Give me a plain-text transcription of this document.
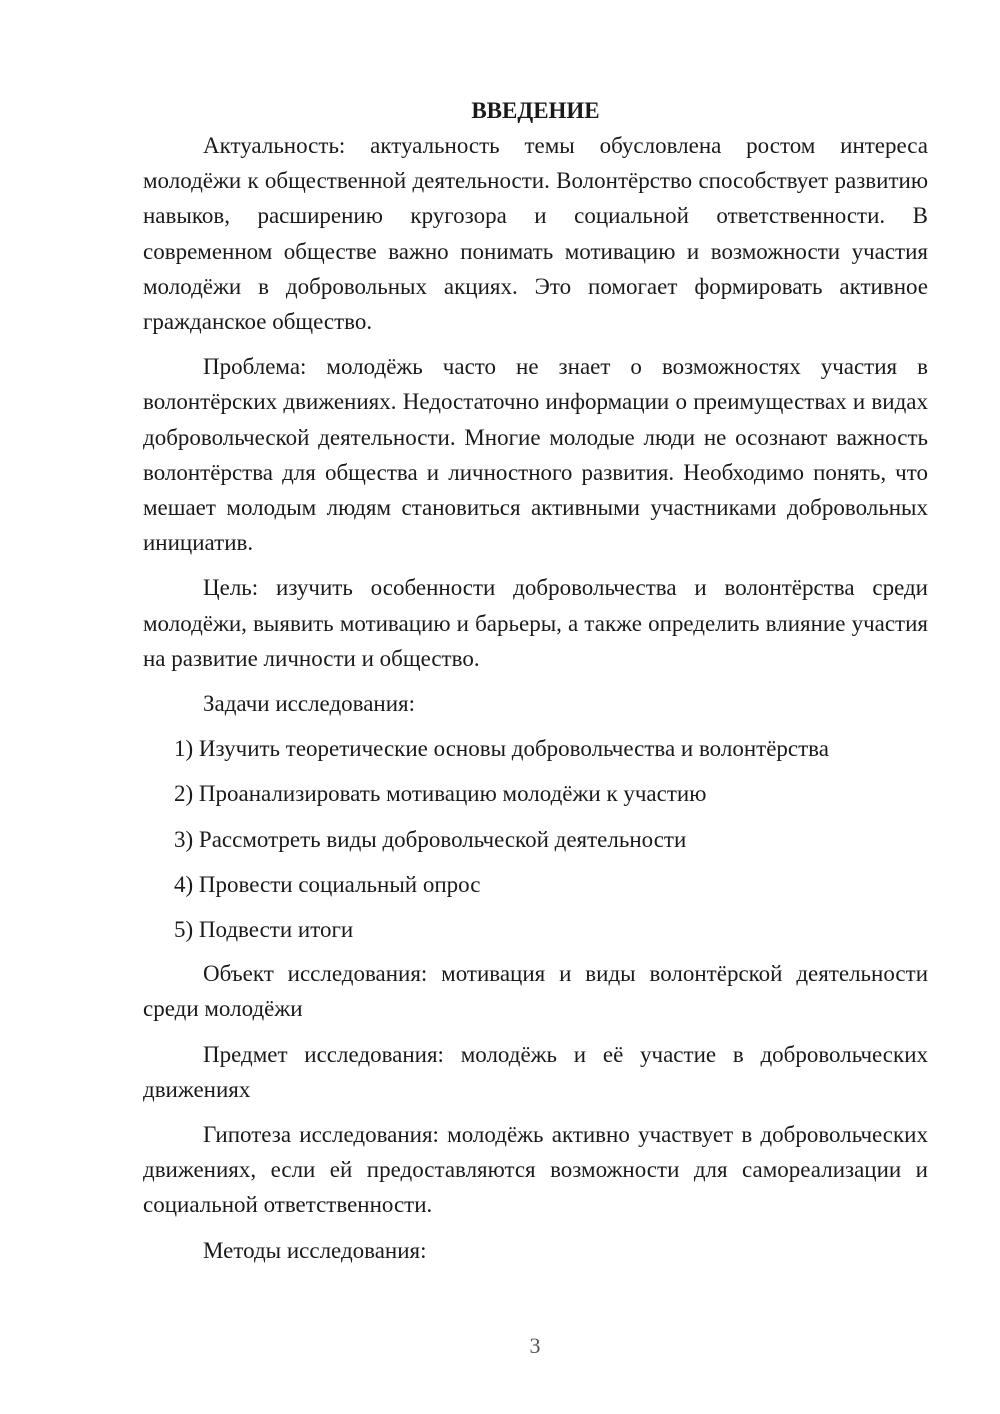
ВВЕДЕНИЕ

Актуальность: актуальность темы обусловлена ростом интереса молодёжи к общественной деятельности. Волонтёрство способствует развитию навыков, расширению кругозора и социальной ответственности. В современном обществе важно понимать мотивацию и возможности участия молодёжи в добровольных акциях. Это помогает формировать активное гражданское общество.

Проблема: молодёжь часто не знает о возможностях участия в волонтёрских движениях. Недостаточно информации о преимуществах и видах добровольческой деятельности. Многие молодые люди не осознают важность волонтёрства для общества и личностного развития. Необходимо понять, что мешает молодым людям становиться активными участниками добровольных инициатив.

Цель: изучить особенности добровольчества и волонтёрства среди молодёжи, выявить мотивацию и барьеры, а также определить влияние участия на развитие личности и общество.

Задачи исследования:

1) Изучить теоретические основы добровольчества и волонтёрства

2) Проанализировать мотивацию молодёжи к участию

3) Рассмотреть виды добровольческой деятельности

4) Провести социальный опрос

5) Подвести итоги

Объект исследования: мотивация и виды волонтёрской деятельности среди молодёжи

Предмет исследования: молодёжь и её участие в добровольческих движениях

Гипотеза исследования: молодёжь активно участвует в добровольческих движениях, если ей предоставляются возможности для самореализации и социальной ответственности.

Методы исследования:

3
